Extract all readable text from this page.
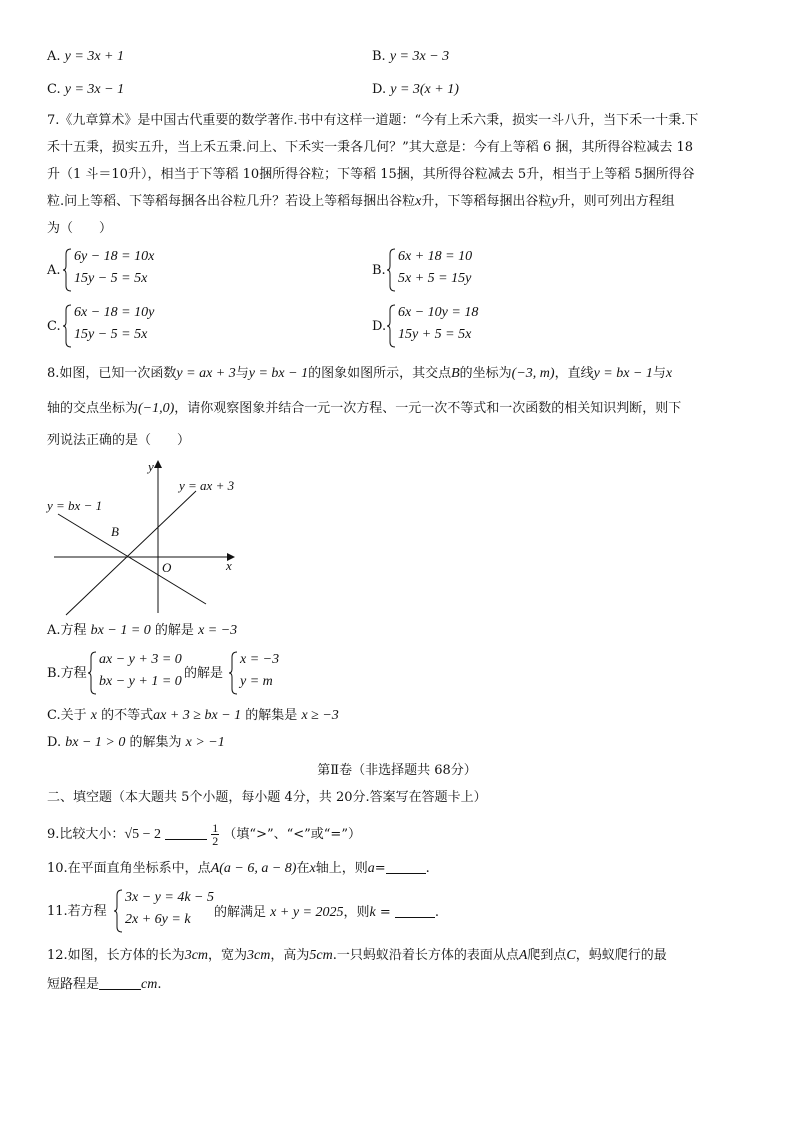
A. y = 3x + 1	B. y = 3x − 3
C. y = 3x − 1	D. y = 3(x + 1)
7.《九章算术》是中国古代重要的数学著作.书中有这样一道题：“今有上禾六秉，损实一斗八升，当下禾一十秉.下
禾十五秉，损实五升，当上禾五秉.问上、下禾实一秉各几何？”其大意是：今有上等稻 6 捆，其所得谷粒减去 18
升（1 斗＝10升），相当于下等稻 10捆所得谷粒；下等稻 15捆，其所得谷粒减去 5升，相当于上等稻 5捆所得谷
粒.问上等稻、下等稻每捆各出谷粒几升？若设上等稻每捆出谷粒x升，下等稻每捆出谷粒y升，则可列出方程组
为（　　）
A.
6y − 18 = 10x
15y − 5 = 5x
B.
6x + 18 = 10
5x + 5 = 15y
C.
6x − 18 = 10y
15y − 5 = 5x
D.
6x − 10y = 18
15y + 5 = 5x
8.如图，已知一次函数y = ax + 3与y = bx − 1的图象如图所示，其交点B的坐标为(−3, m)，直线y = bx − 1与x
轴的交点坐标为(−1,0)，请你观察图象并结合一元一次方程、一元一次不等式和一次函数的相关知识判断，则下
列说法正确的是（　　）
y
x
O
B
y = ax + 3
y = bx − 1
A.方程 bx − 1 = 0 的解是 x = −3
B.方程
ax − y + 3 = 0
bx − y + 1 = 0
的解是
x = −3
y = m
C.关于 x 的不等式ax + 3 ≥ bx − 1 的解集是 x ≥ −3
D. bx − 1 > 0 的解集为 x > −1
第Ⅱ卷（非选择题共 68分）
二、填空题（本大题共 5个小题，每小题 4分，共 20分.答案写在答题卡上）
9.比较大小：√5 − 2	$\frac{1}{2}$ （填“>”、“<”或“=”）
10.在平面直角坐标系中，点A(a − 6, a − 8)在x轴上，则a=	.
11.若方程
3x − y = 4k − 5
2x + 6y = k 的解满足 x + y = 2025，则k =	.
12.如图，长方体的长为3cm，宽为3cm，高为5cm.一只蚂蚁沿着长方体的表面从点A爬到点C，蚂蚁爬行的最
短路程是	cm.
